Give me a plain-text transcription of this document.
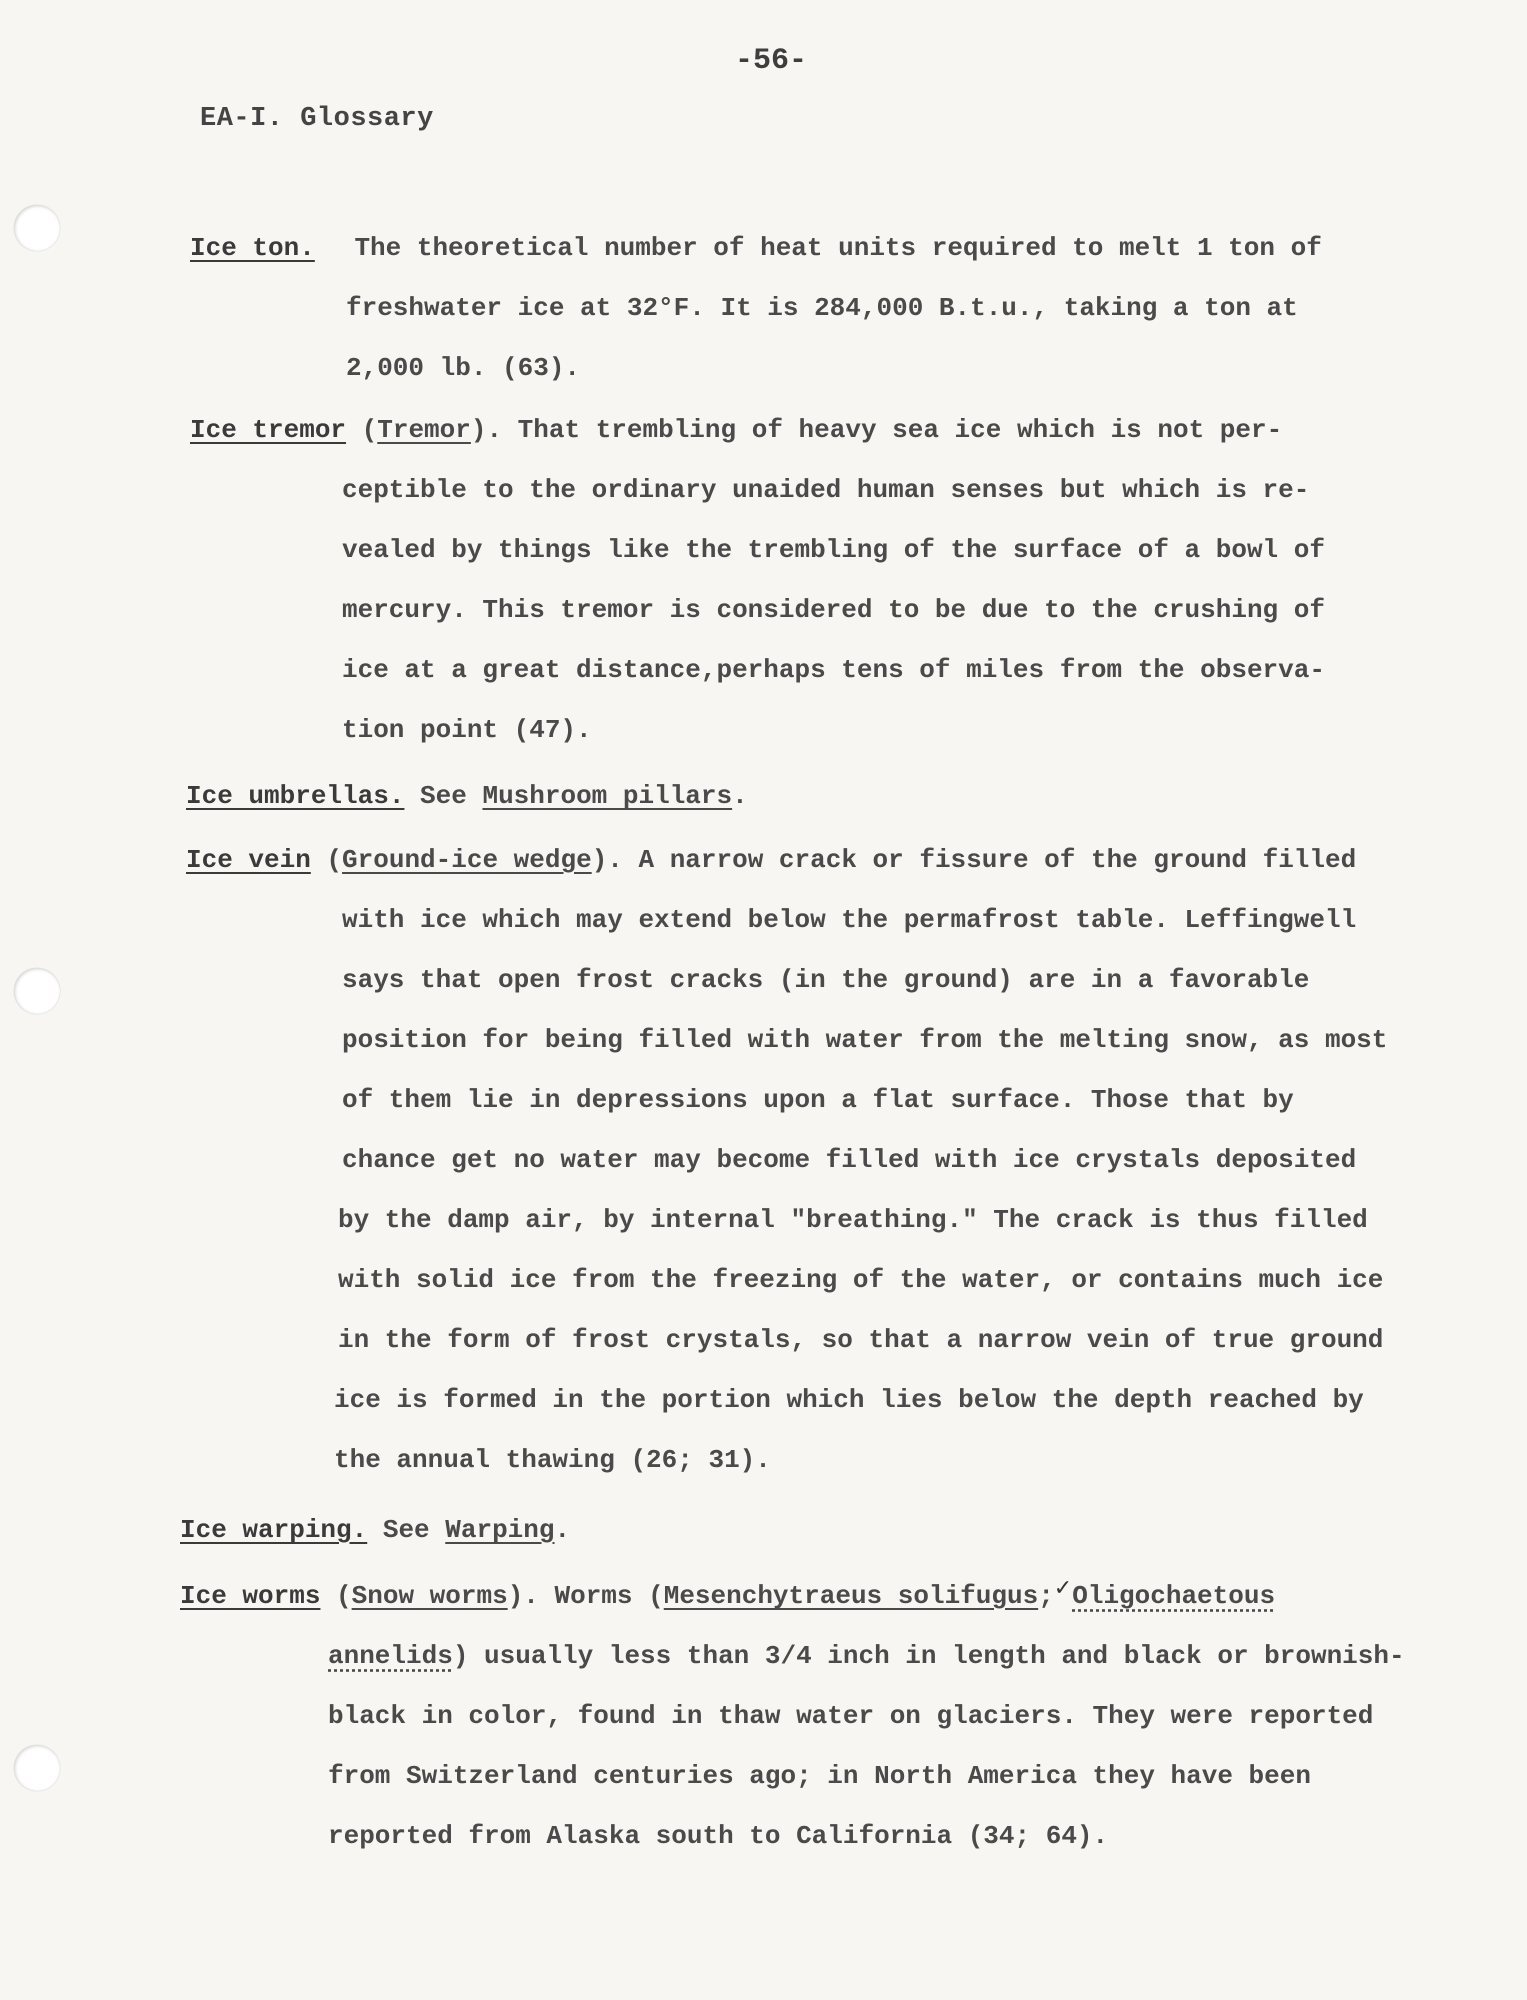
-56-
EA-I. Glossary
Ice ton. The theoretical number of heat units required to melt 1 ton of
freshwater ice at 32°F. It is 284,000 B.t.u., taking a ton at
2,000 lb. (63).
Ice tremor (Tremor). That trembling of heavy sea ice which is not per-
ceptible to the ordinary unaided human senses but which is re-
vealed by things like the trembling of the surface of a bowl of
mercury. This tremor is considered to be due to the crushing of
ice at a great distance,perhaps tens of miles from the observa-
tion point (47).
Ice umbrellas. See Mushroom pillars.
Ice vein (Ground-ice wedge). A narrow crack or fissure of the ground filled
with ice which may extend below the permafrost table. Leffingwell
says that open frost cracks (in the ground) are in a favorable
position for being filled with water from the melting snow, as most
of them lie in depressions upon a flat surface. Those that by
chance get no water may become filled with ice crystals deposited
by the damp air, by internal "breathing." The crack is thus filled
with solid ice from the freezing of the water, or contains much ice
in the form of frost crystals, so that a narrow vein of true ground
ice is formed in the portion which lies below the depth reached by
the annual thawing (26; 31).
Ice warping. See Warping.
Ice worms (Snow worms). Worms (Mesenchytraeus solifugus;✓Oligochaetous
annelids) usually less than 3/4 inch in length and black or brownish-
black in color, found in thaw water on glaciers. They were reported
from Switzerland centuries ago; in North America they have been
reported from Alaska south to California (34; 64).
